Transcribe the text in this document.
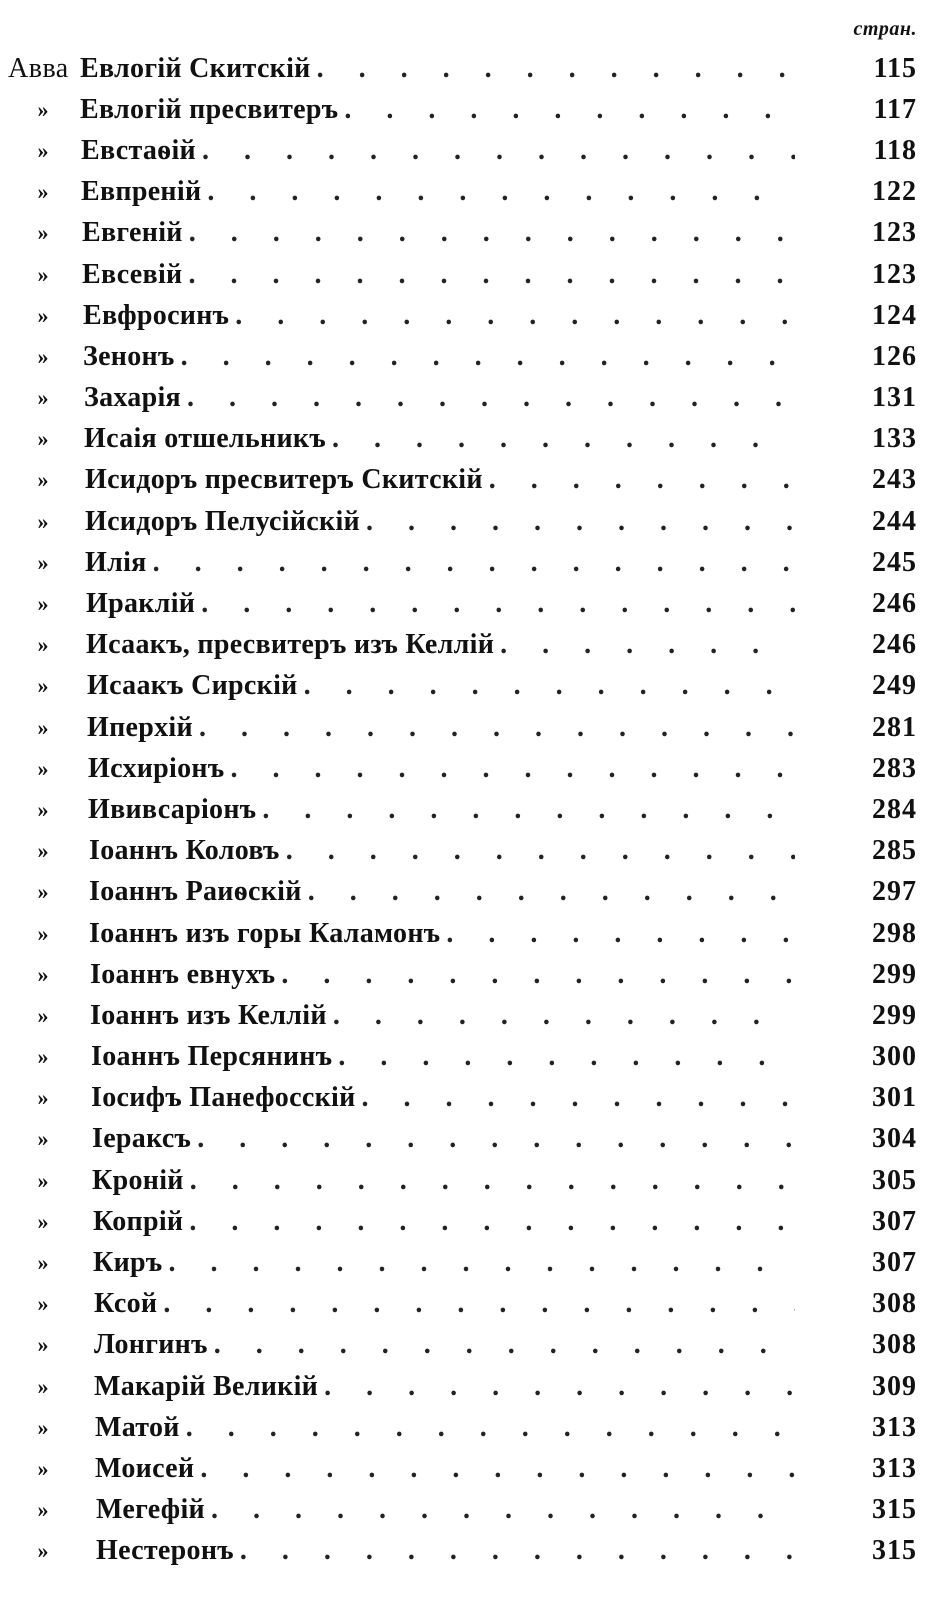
стран.
Авва Евлогій Скитскій . . .	115
»	Евлогій пресвитеръ . . .	117
»	Евстаѳій . . .	118
»	Евпреній . . .	122
»	Евгеній . . .	123
»	Евсевій . . .	123
»	Евфросинъ . . .	124
»	Зенонъ . . .	126
»	Захарія . . .	131
»	Исаія отшельникъ . . .	133
»	Исидоръ пресвитеръ Скитскій . . .	243
»	Исидоръ Пелусійскій . . .	244
»	Илія . . .	245
»	Ираклій . . .	246
»	Исаакъ, пресвитеръ изъ Келлій . . .	246
»	Исаакъ Сирскій . . .	249
»	Иперхій . . .	281
»	Исхиріонъ . . .	283
»	Ививсаріонъ . . .	284
»	Іоаннъ Коловъ . . .	285
»	Іоаннъ Раиѳскій . . .	297
»	Іоаннъ изъ горы Каламонъ . . .	298
»	Іоаннъ евнухъ . . .	299
»	Іоаннъ изъ Келлій . . .	299
»	Іоаннъ Персянинъ . . .	300
»	Іосифъ Панефосскій . . .	301
»	Іераксъ . . .	304
»	Кроній . . .	305
»	Копрій . . .	307
»	Киръ . . .	307
»	Ксой . . .	308
»	Лонгинъ . . .	308
»	Макарій Великій . . .	309
»	Матой . . .	313
»	Моисей . . .	313
»	Мегефій . . .	315
»	Нестеронъ . . .	315
